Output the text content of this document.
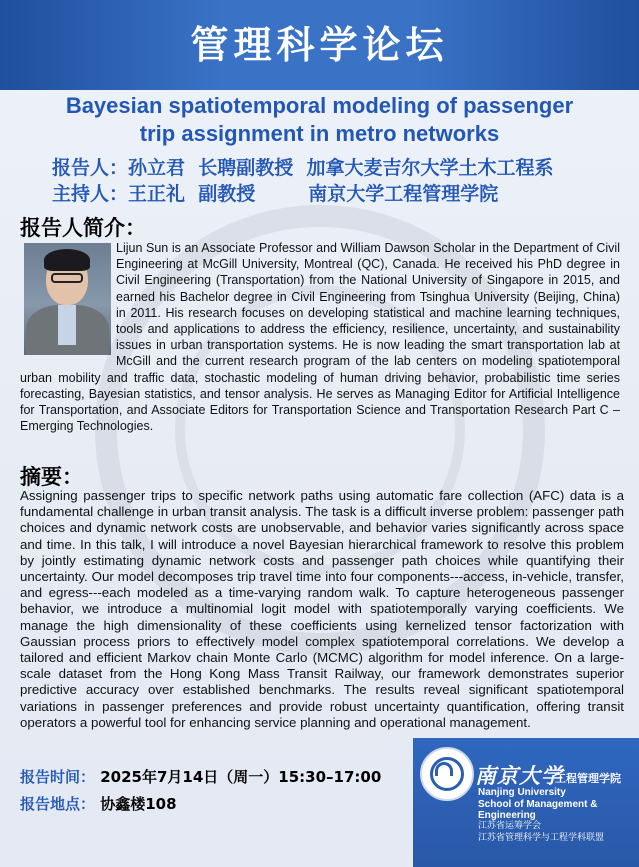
管理科学论坛
Bayesian spatiotemporal modeling of passenger
trip assignment in metro networks
报告人：孙立君 长聘副教授 加拿大麦吉尔大学土木工程系
主持人：王正礼 副教授	南京大学工程管理学院
报告人简介：
Lijun Sun is an Associate Professor and William Dawson Scholar in the Department of Civil Engineering at McGill University, Montreal (QC), Canada. He received his PhD degree in Civil Engineering (Transportation) from the National University of Singapore in 2015, and earned his Bachelor degree in Civil Engineering from Tsinghua University (Beijing, China) in 2011. His research focuses on developing statistical and machine learning techniques, tools and applications to address the efficiency, resilience, uncertainty, and sustainability issues in urban transportation systems. He is now leading the smart transportation lab at McGill and the current research program of the lab centers on modeling spatiotemporal urban mobility and traffic data, stochastic modeling of human driving behavior, probabilistic time series forecasting, Bayesian statistics, and tensor analysis. He serves as Managing Editor for Artificial Intelligence for Transportation, and Associate Editors for Transportation Science and Transportation Research Part C – Emerging Technologies.
摘要：
Assigning passenger trips to specific network paths using automatic fare collection (AFC) data is a fundamental challenge in urban transit analysis. The task is a difficult inverse problem: passenger path choices and dynamic network costs are unobservable, and behavior varies significantly across space and time. In this talk, I will introduce a novel Bayesian hierarchical framework to resolve this problem by jointly estimating dynamic network costs and passenger path choices while quantifying their uncertainty. Our model decomposes trip travel time into four components---access, in-vehicle, transfer, and egress---each modeled as a time-varying random walk. To capture heterogeneous passenger behavior, we introduce a multinomial logit model with spatiotemporally varying coefficients. We manage the high dimensionality of these coefficients using kernelized tensor factorization with Gaussian process priors to effectively model complex spatiotemporal correlations. We develop a tailored and efficient Markov chain Monte Carlo (MCMC) algorithm for model inference. On a large-scale dataset from the Hong Kong Mass Transit Railway, our framework demonstrates superior predictive accuracy over established benchmarks. The results reveal significant spatiotemporal variations in passenger preferences and provide robust uncertainty quantification, offering transit operators a powerful tool for enhancing service planning and operational management.
报告时间： 2025年7月14日（周一）15:30–17:00
报告地点： 协鑫楼108
南京大学
工程管理学院
Nanjing University
School of Management & Engineering
江苏省运筹学会
江苏省管理科学与工程学科联盟
